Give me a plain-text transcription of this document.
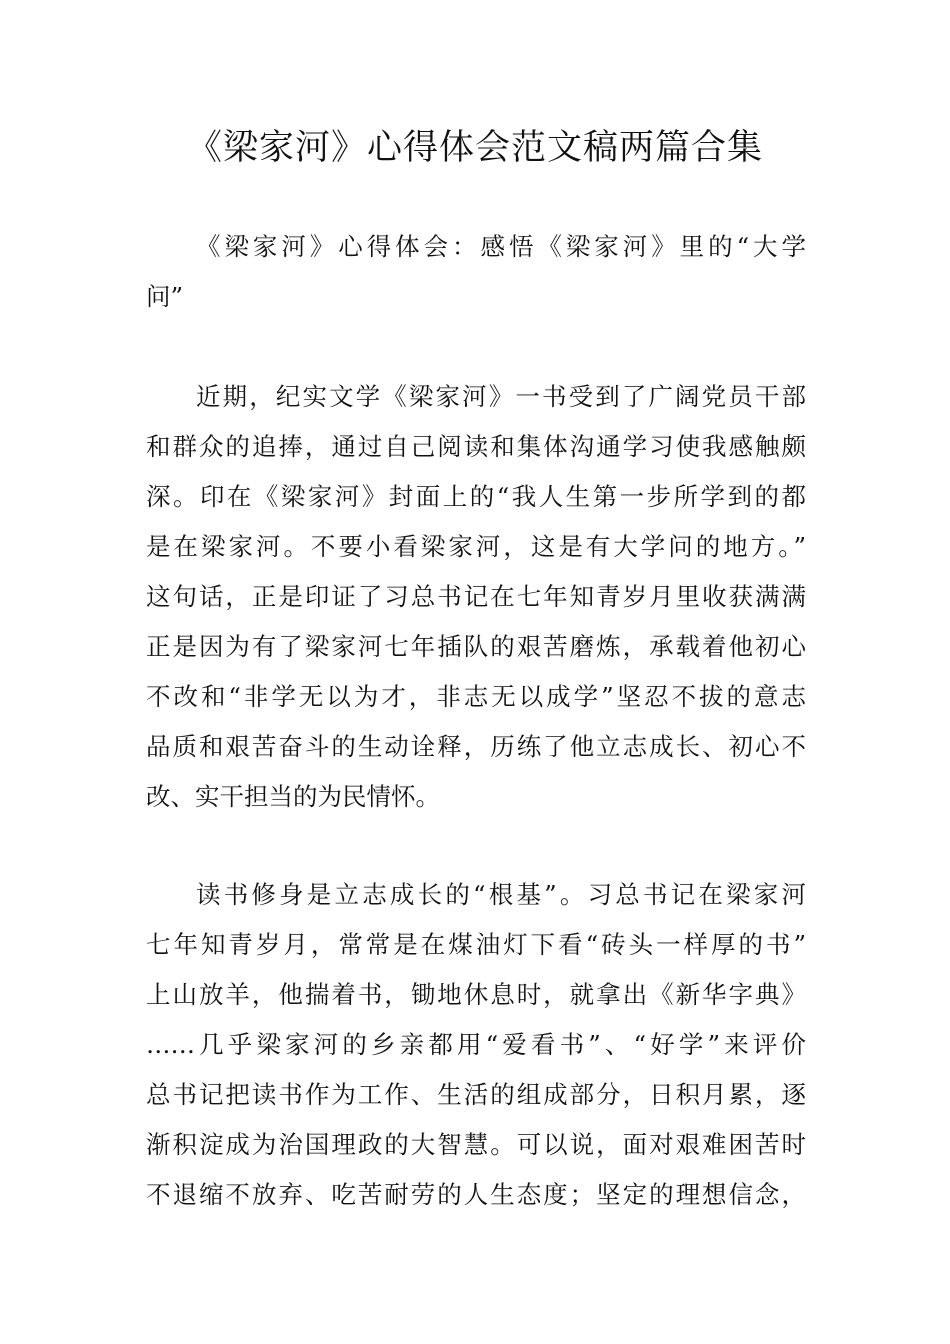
《梁家河》心得体会范文稿两篇合集

《梁家河》心得体会：感悟《梁家河》里的“大学

问”

近期，纪实文学《梁家河》一书受到了广阔党员干部

和群众的追捧，通过自己阅读和集体沟通学习使我感触颇

深。印在《梁家河》封面上的“我人生第一步所学到的都

是在梁家河。不要小看梁家河，这是有大学问的地方。”

这句话，正是印证了习总书记在七年知青岁月里收获满满

正是因为有了梁家河七年插队的艰苦磨炼，承载着他初心

不改和“非学无以为才，非志无以成学”坚忍不拔的意志

品质和艰苦奋斗的生动诠释，历练了他立志成长、初心不

改、实干担当的为民情怀。

读书修身是立志成长的“根基”。习总书记在梁家河

七年知青岁月，常常是在煤油灯下看“砖头一样厚的书”

上山放羊，他揣着书，锄地休息时，就拿出《新华字典》

……几乎梁家河的乡亲都用“爱看书”、“好学”来评价

总书记把读书作为工作、生活的组成部分，日积月累，逐

渐积淀成为治国理政的大智慧。可以说，面对艰难困苦时

不退缩不放弃、吃苦耐劳的人生态度；坚定的理想信念，
